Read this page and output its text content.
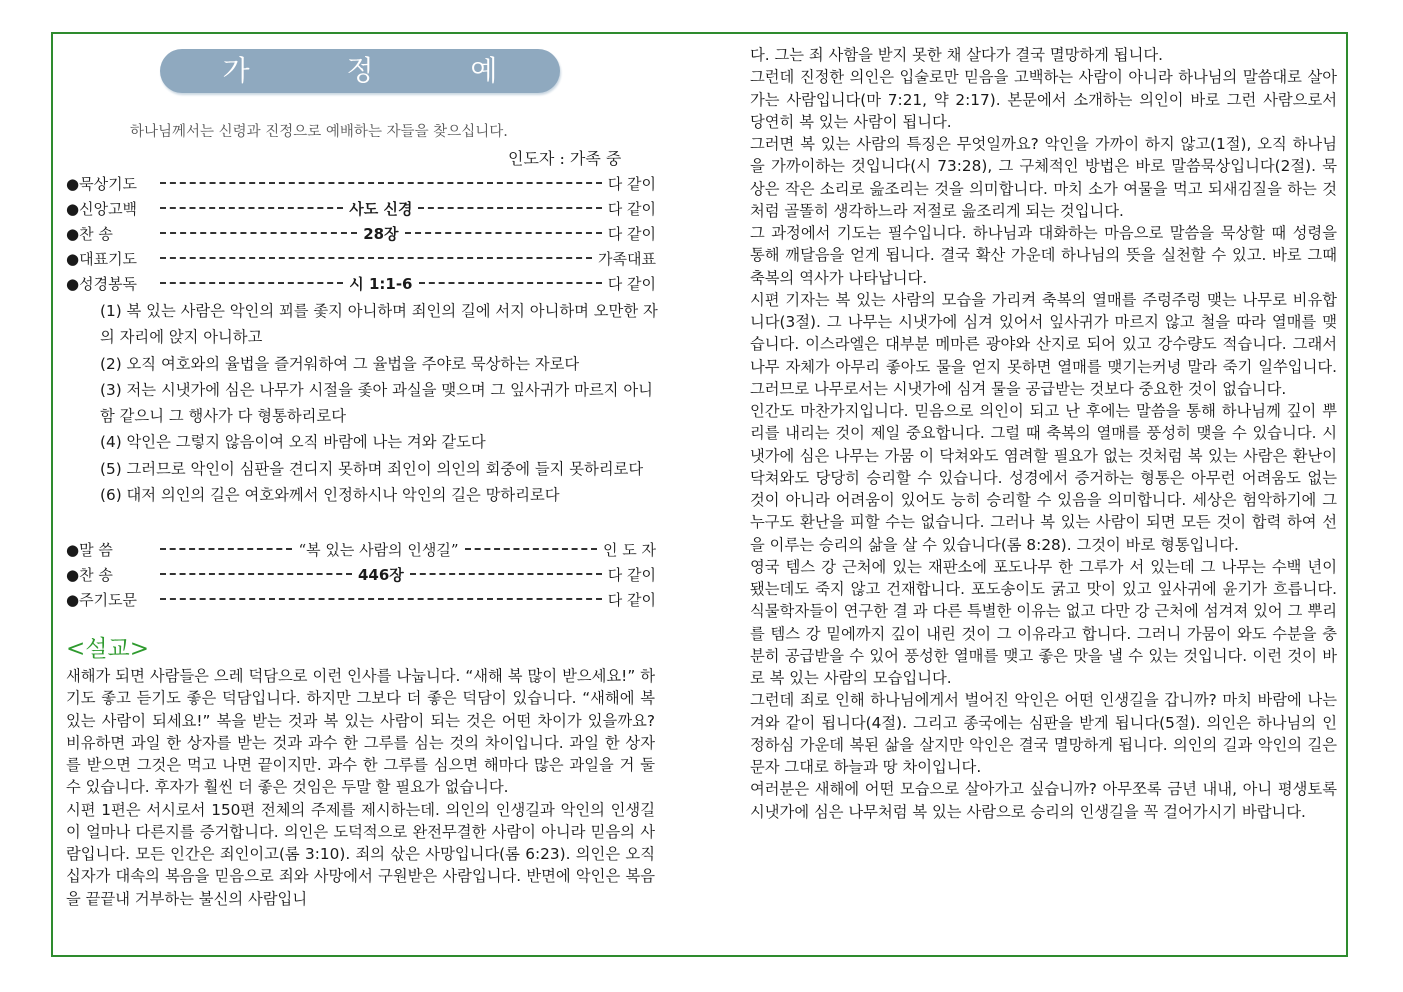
가 정 예 배
하나님께서는 신령과 진정으로 예배하는 자들을 찾으십니다.
인도자 : 가족 중
●묵상기도	다 같이
●신앙고백	사도 신경	다 같이
●찬 송	28장	다 같이
●대표기도	가족대표
●성경봉독	시 1:1-6	다 같이

(1) 복 있는 사람은 악인의 꾀를 좇지 아니하며 죄인의 길에 서지 아니하며 오만한 자의 자리에 앉지 아니하고

(2) 오직 여호와의 율법을 즐거워하여 그 율법을 주야로 묵상하는 자로다

(3) 저는 시냇가에 심은 나무가 시절을 좇아 과실을 맺으며 그 잎사귀가 마르지 아니함 같으니 그 행사가 다 형통하리로다

(4) 악인은 그렇지 않음이여 오직 바람에 나는 겨와 같도다

(5) 그러므로 악인이 심판을 견디지 못하며 죄인이 의인의 회중에 들지 못하리로다

(6) 대저 의인의 길은 여호와께서 인정하시나 악인의 길은 망하리로다

●말 씀	“복 있는 사람의 인생길”	인 도 자
●찬 송	446장	다 같이
●주기도문	다 같이
<설교>

새해가 되면 사람들은 으레 덕담으로 이런 인사를 나눕니다. “새해 복 많이 받으세요!” 하기도 좋고 듣기도 좋은 덕담입니다. 하지만 그보다 더 좋은 덕담이 있습니다. “새해에 복 있는 사람이 되세요!” 복을 받는 것과 복 있는 사람이 되는 것은 어떤 차이가 있을까요? 비유하면 과일 한 상자를 받는 것과 과수 한 그루를 심는 것의 차이입니다. 과일 한 상자를 받으면 그것은 먹고 나면 끝이지만. 과수 한 그루를 심으면 해마다 많은 과일을 거 둘 수 있습니다. 후자가 훨씬 더 좋은 것임은 두말 할 필요가 없습니다.

시편 1편은 서시로서 150편 전체의 주제를 제시하는데. 의인의 인생길과 악인의 인생길이 얼마나 다른지를 증거합니다. 의인은 도덕적으로 완전무결한 사람이 아니라 믿음의 사람입니다. 모든 인간은 죄인이고(롬 3:10). 죄의 삯은 사망입니다(롬 6:23). 의인은 오직 십자가 대속의 복음을 믿음으로 죄와 사망에서 구원받은 사람입니다. 반면에 악인은 복음을 끝끝내 거부하는 불신의 사람입니

다. 그는 죄 사함을 받지 못한 채 살다가 결국 멸망하게 됩니다.

그런데 진정한 의인은 입술로만 믿음을 고백하는 사람이 아니라 하나님의 말씀대로 살아 가는 사람입니다(마 7:21, 약 2:17). 본문에서 소개하는 의인이 바로 그런 사람으로서 당연히 복 있는 사람이 됩니다.

그러면 복 있는 사람의 특징은 무엇일까요? 악인을 가까이 하지 않고(1절), 오직 하나님 을 가까이하는 것입니다(시 73:28), 그 구체적인 방법은 바로 말씀묵상입니다(2절). 묵상은 작은 소리로 읊조리는 것을 의미합니다. 마치 소가 여물을 먹고 되새김질을 하는 것처럼 골똘히 생각하느라 저절로 읊조리게 되는 것입니다.

그 과정에서 기도는 필수입니다. 하나님과 대화하는 마음으로 말씀을 묵상할 때 성령을 통해 깨달음을 얻게 됩니다. 결국 확산 가운데 하나님의 뜻을 실천할 수 있고. 바로 그때 축복의 역사가 나타납니다.

시편 기자는 복 있는 사람의 모습을 가리켜 축복의 열매를 주렁주렁 맺는 나무로 비유합니다(3절). 그 나무는 시냇가에 심겨 있어서 잎사귀가 마르지 않고 철을 따라 열매를 맺습니다. 이스라엘은 대부분 메마른 광야와 산지로 되어 있고 강수량도 적습니다. 그래서 나무 자체가 아무리 좋아도 물을 얻지 못하면 열매를 맺기는커녕 말라 죽기 일쑤입니다. 그러므로 나무로서는 시냇가에 심겨 물을 공급받는 것보다 중요한 것이 없습니다.

인간도 마찬가지입니다. 믿음으로 의인이 되고 난 후에는 말씀을 통해 하나님께 깊이 뿌리를 내리는 것이 제일 중요합니다. 그럴 때 축복의 열매를 풍성히 맺을 수 있습니다. 시냇가에 심은 나무는 가뭄 이 닥쳐와도 염려할 필요가 없는 것처럼 복 있는 사람은 환난이 닥쳐와도 당당히 승리할 수 있습니다. 성경에서 증거하는 형통은 아무런 어려움도 없는 것이 아니라 어려움이 있어도 능히 승리할 수 있음을 의미합니다. 세상은 험악하기에 그 누구도 환난을 피할 수는 없습니다. 그러나 복 있는 사람이 되면 모든 것이 합력 하여 선을 이루는 승리의 삶을 살 수 있습니다(롬 8:28). 그것이 바로 형통입니다.

영국 템스 강 근처에 있는 재판소에 포도나무 한 그루가 서 있는데 그 나무는 수백 년이 됐는데도 죽지 않고 건재합니다. 포도송이도 굵고 맛이 있고 잎사귀에 윤기가 흐릅니다. 식물학자들이 연구한 결 과 다른 특별한 이유는 없고 다만 강 근처에 섬겨져 있어 그 뿌리를 템스 강 밑에까지 깊이 내린 것이 그 이유라고 합니다. 그러니 가뭄이 와도 수분을 충분히 공급받을 수 있어 풍성한 열매를 맺고 좋은 맛을 낼 수 있는 것입니다. 이런 것이 바로 복 있는 사람의 모습입니다.

그런데 죄로 인해 하나님에게서 벌어진 악인은 어떤 인생길을 갑니까? 마치 바람에 나는 겨와 같이 됩니다(4절). 그리고 종국에는 심판을 받게 됩니다(5절). 의인은 하나님의 인정하심 가운데 복된 삶을 살지만 악인은 결국 멸망하게 됩니다. 의인의 길과 악인의 길은 문자 그대로 하늘과 땅 차이입니다.

여러분은 새해에 어떤 모습으로 살아가고 싶습니까? 아무쪼록 금년 내내, 아니 평생토록 시냇가에 심은 나무처럼 복 있는 사람으로 승리의 인생길을 꼭 걸어가시기 바랍니다.
